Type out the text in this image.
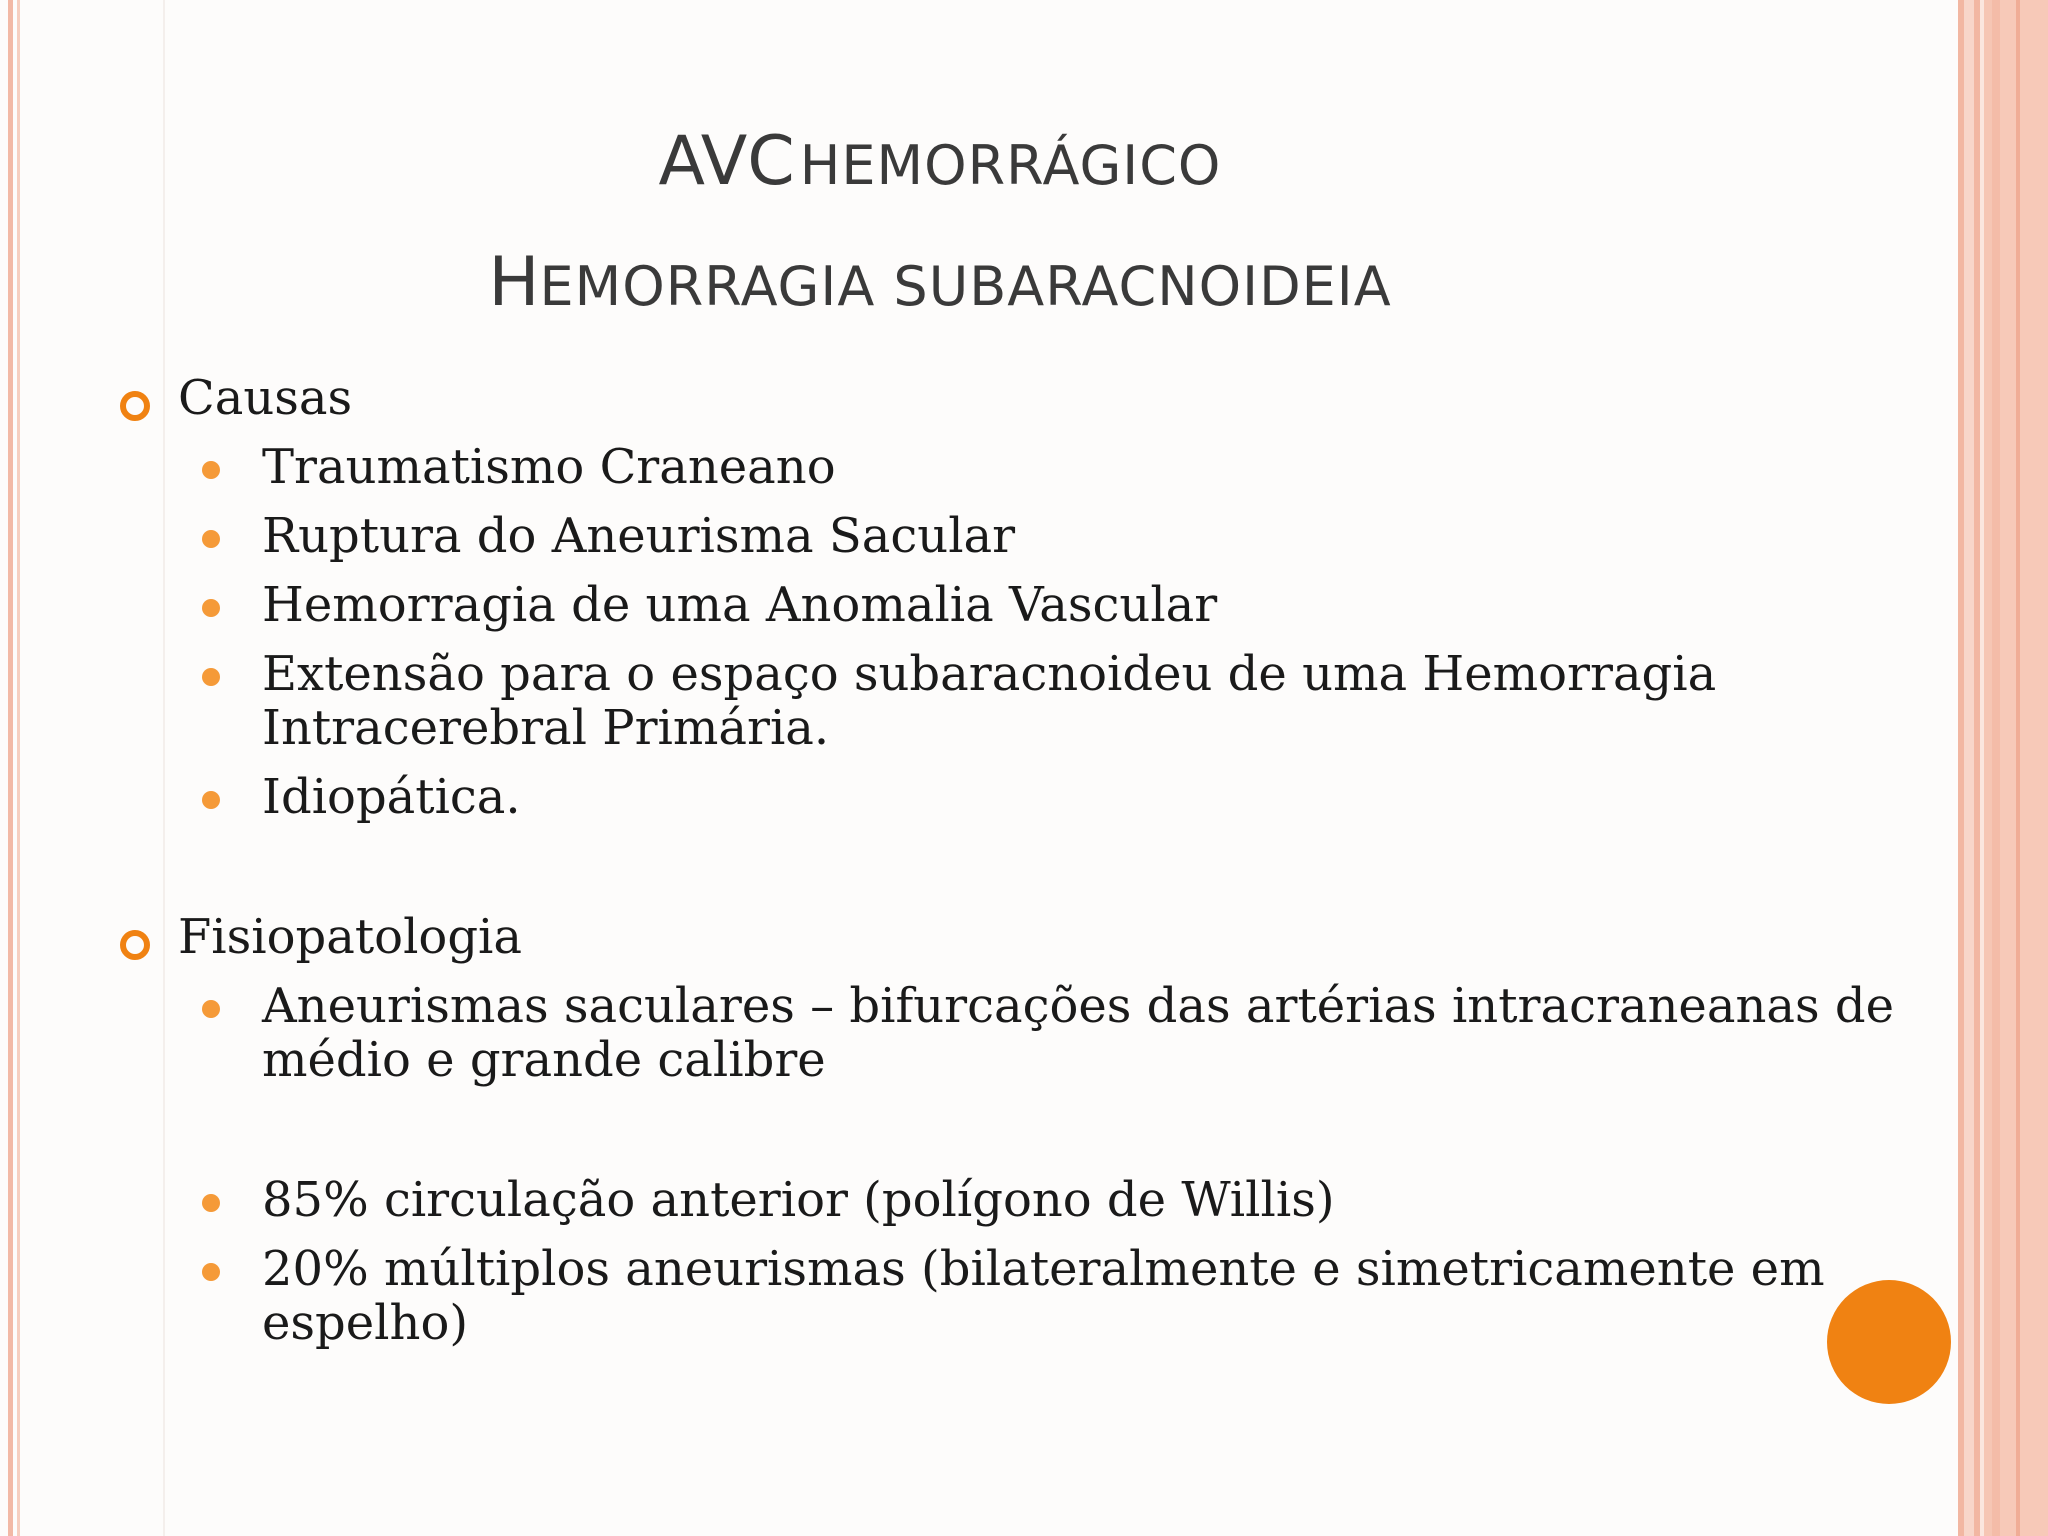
AVC HEMORRÁGICO
HEMORRAGIA SUBARACNOIDEIA
Causas
Traumatismo Craneano
Ruptura do Aneurisma Sacular
Hemorragia de uma Anomalia Vascular
Extensão para o espaço subaracnoideu de uma Hemorragia
Intracerebral Primária.
Idiopática.
Fisiopatologia
Aneurismas saculares – bifurcações das artérias intracraneanas de
médio e grande calibre
85% circulação anterior (polígono de Willis)
20% múltiplos aneurismas (bilateralmente e simetricamente em
espelho)
